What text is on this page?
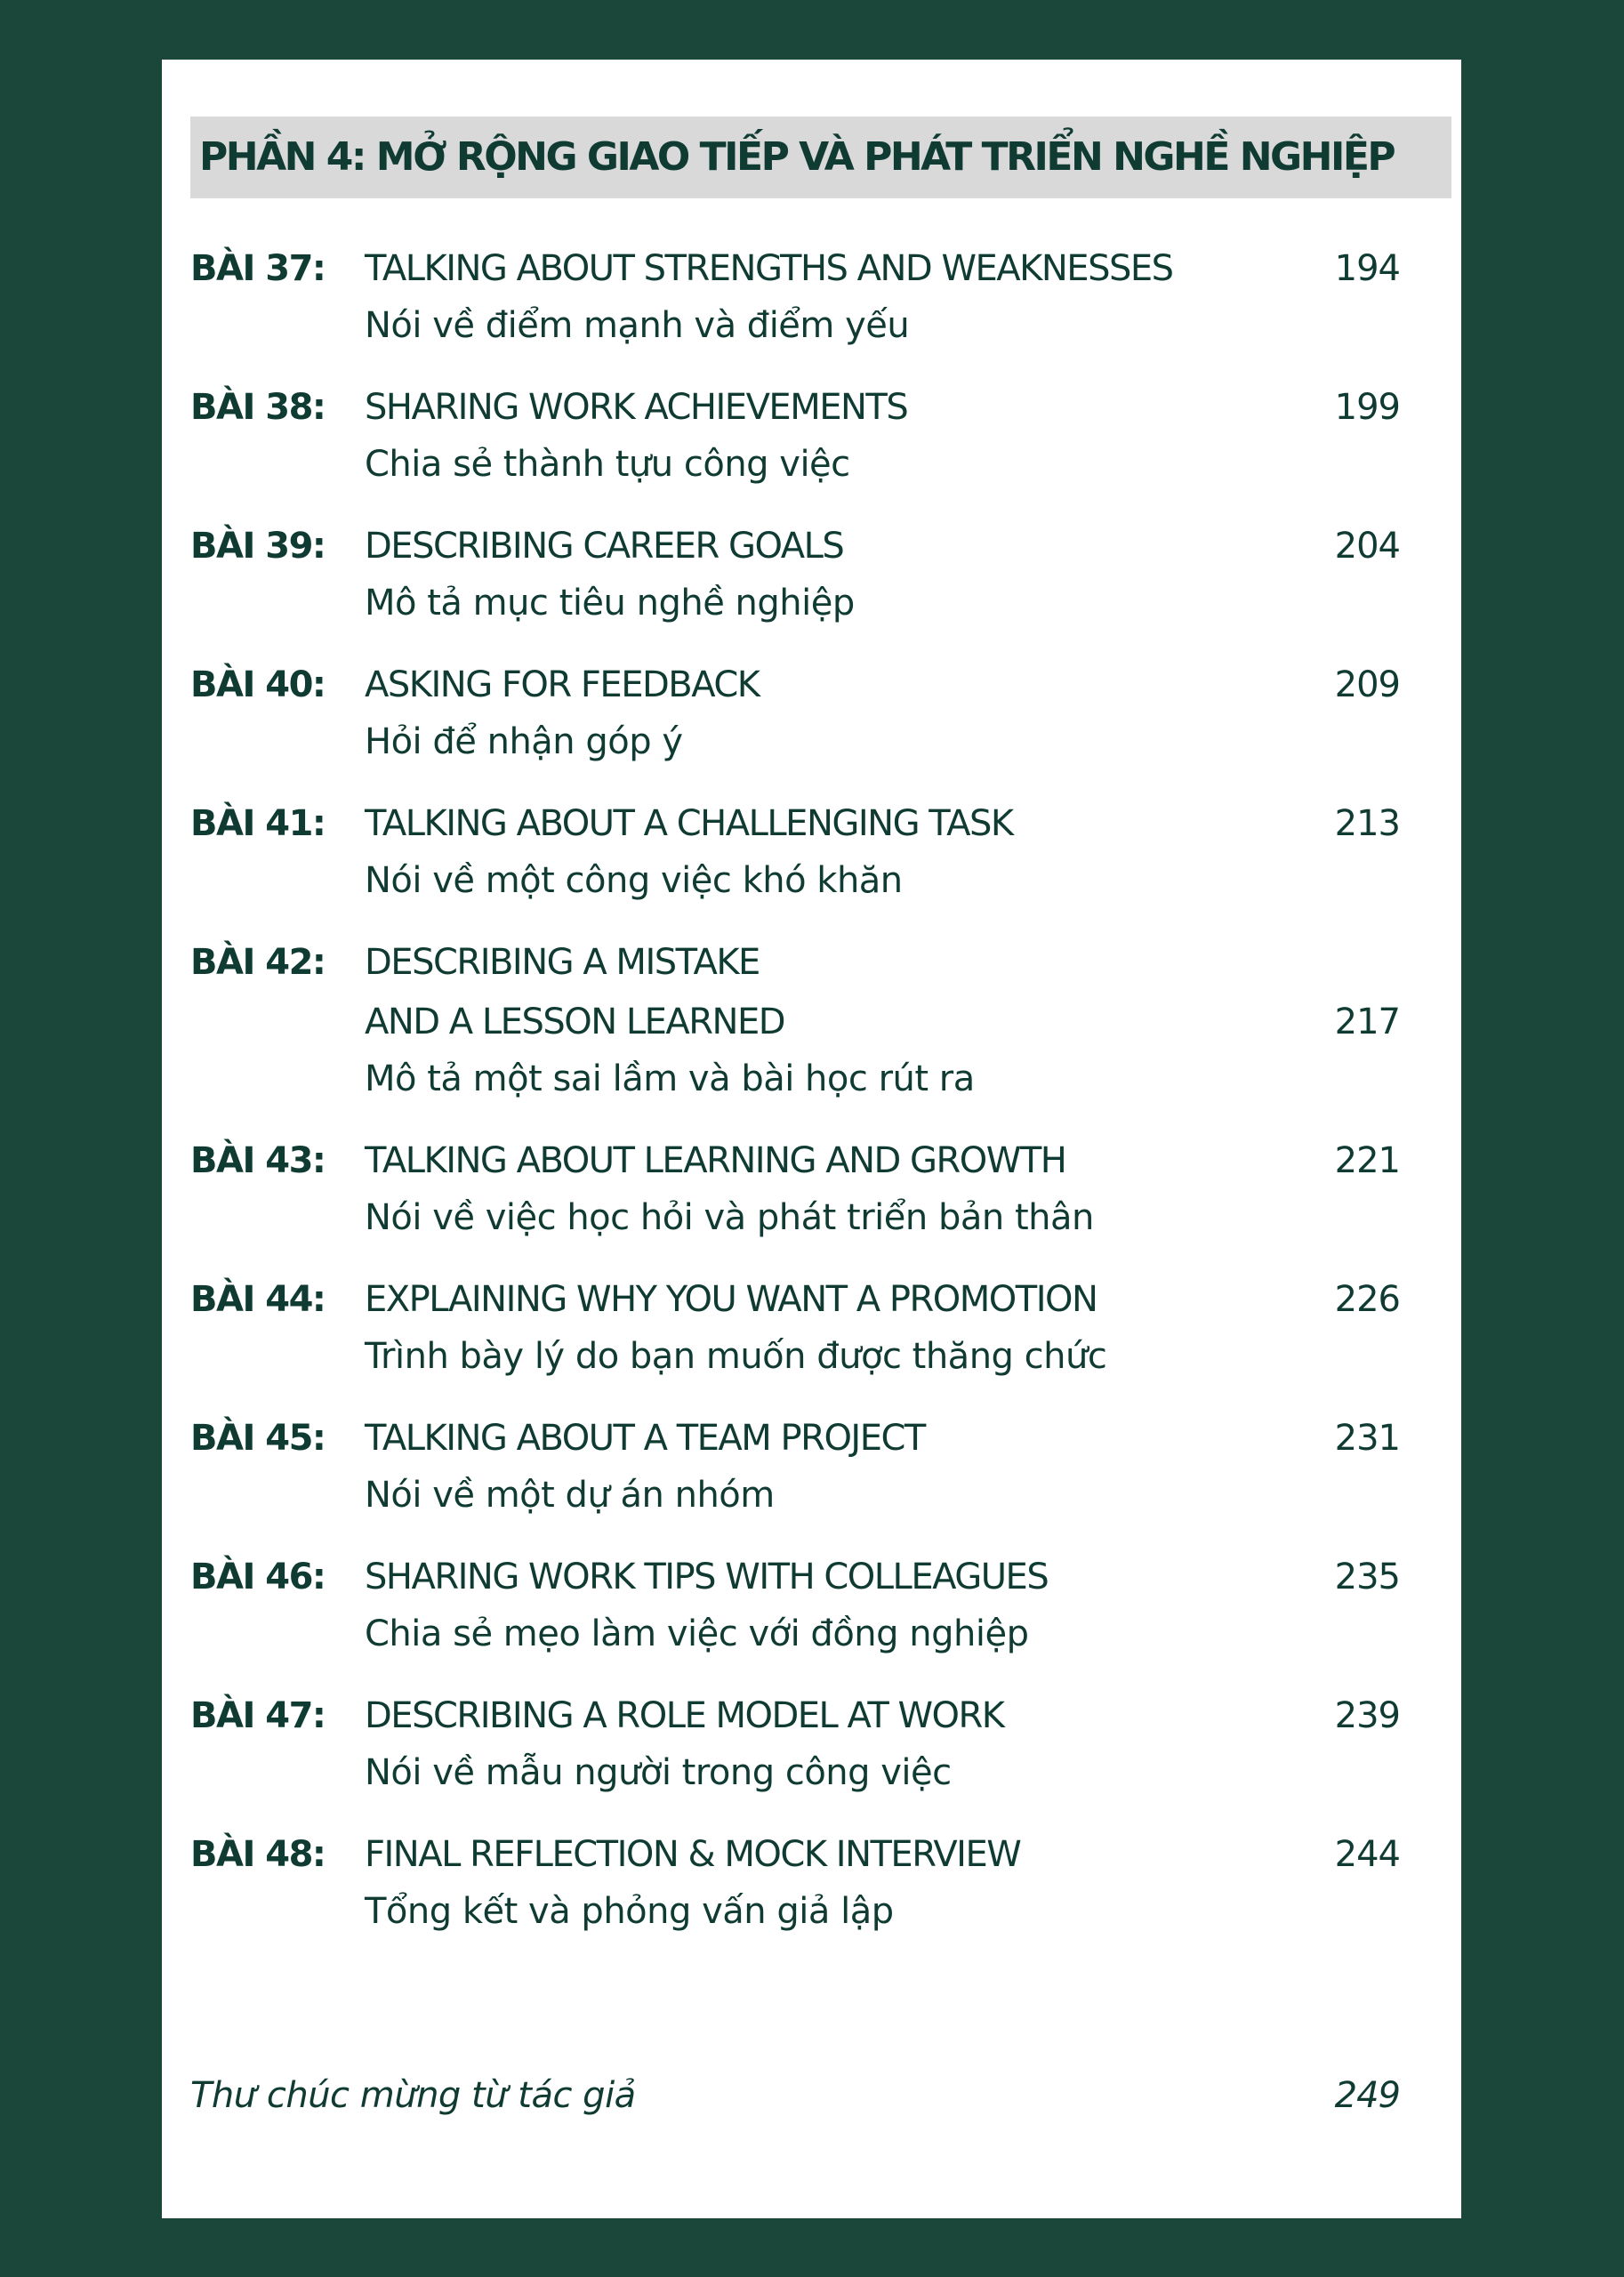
PHẦN 4: MỞ RỘNG GIAO TIẾP VÀ PHÁT TRIỂN NGHỀ NGHIỆP
BÀI 37: TALKING ABOUT STRENGTHS AND WEAKNESSES
Nói về điểm mạnh và điểm yếu
194
BÀI 38: SHARING WORK ACHIEVEMENTS
Chia sẻ thành tựu công việc
199
BÀI 39: DESCRIBING CAREER GOALS
Mô tả mục tiêu nghề nghiệp
204
BÀI 40: ASKING FOR FEEDBACK
Hỏi để nhận góp ý
209
BÀI 41: TALKING ABOUT A CHALLENGING TASK
Nói về một công việc khó khăn
213
BÀI 42: DESCRIBING A MISTAKE
AND A LESSON LEARNED
Mô tả một sai lầm và bài học rút ra
217
BÀI 43: TALKING ABOUT LEARNING AND GROWTH
Nói về việc học hỏi và phát triển bản thân
221
BÀI 44: EXPLAINING WHY YOU WANT A PROMOTION
Trình bày lý do bạn muốn được thăng chức
226
BÀI 45: TALKING ABOUT A TEAM PROJECT
Nói về một dự án nhóm
231
BÀI 46: SHARING WORK TIPS WITH COLLEAGUES
Chia sẻ mẹo làm việc với đồng nghiệp
235
BÀI 47: DESCRIBING A ROLE MODEL AT WORK
Nói về mẫu người trong công việc
239
BÀI 48: FINAL REFLECTION & MOCK INTERVIEW
Tổng kết và phỏng vấn giả lập
244
Thư chúc mừng từ tác giả	249
